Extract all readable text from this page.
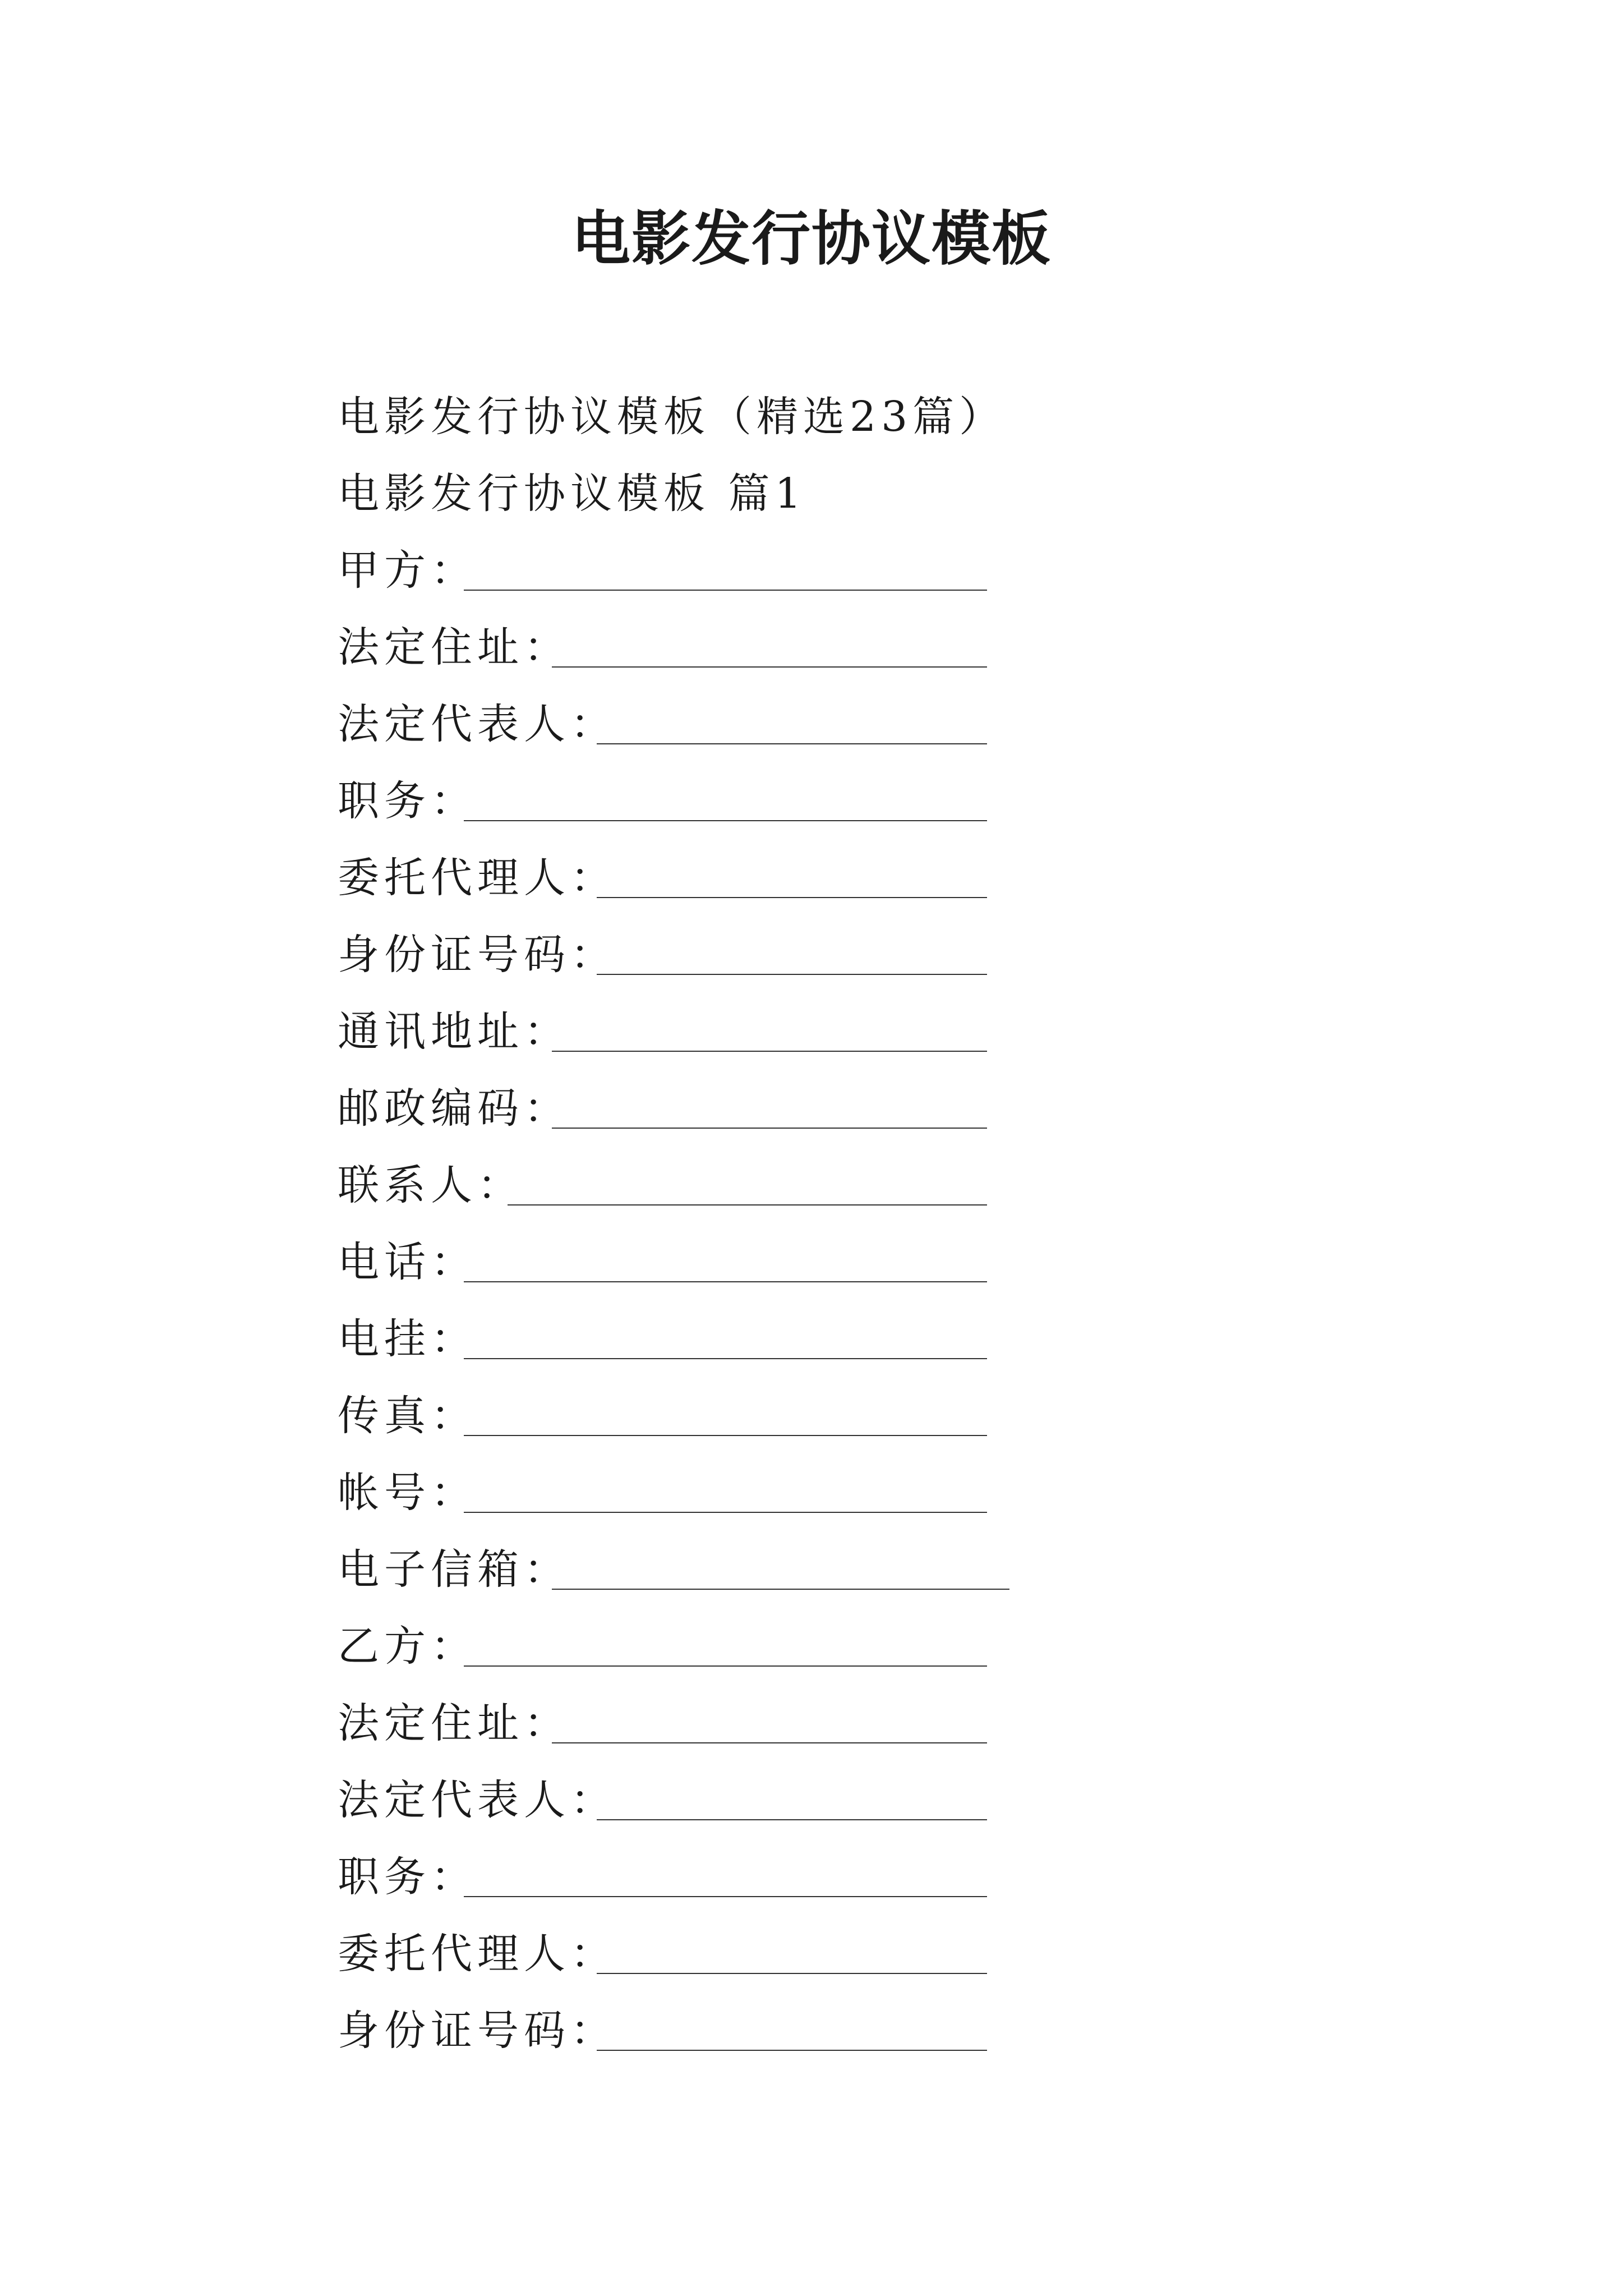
电影发行协议模板
电影发行协议模板（精选23篇）
电影发行协议模板 篇1
甲方：
法定住址：
法定代表人：
职务：
委托代理人：
身份证号码：
通讯地址：
邮政编码：
联系人：
电话：
电挂：
传真：
帐号：
电子信箱：
乙方：
法定住址：
法定代表人：
职务：
委托代理人：
身份证号码：
